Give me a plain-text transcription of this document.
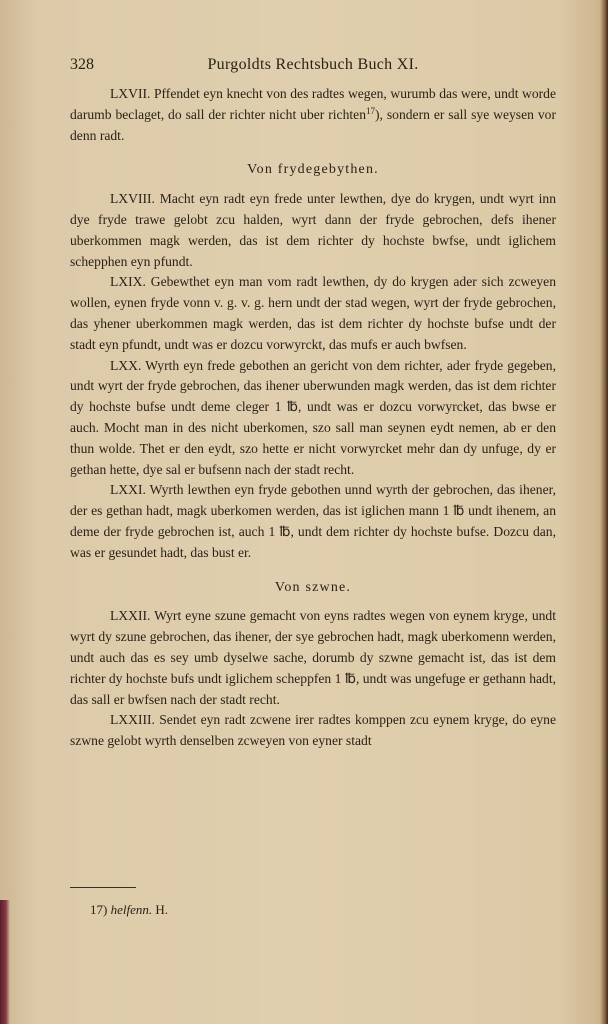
328	Purgoldts Rechtsbuch Buch XI.

LXVII. Pffendet eyn knecht von des radtes wegen, wurumb das were, undt worde darumb beclaget, do sall der richter nicht uber richten$^{17}$), sondern er sall sye weysen vor denn radt.

Von frydegebythen.

LXVIII. Macht eyn radt eyn frede unter lewthen, dye do krygen, undt wyrt inn dye fryde trawe gelobt zcu halden, wyrt dann der fryde gebrochen, defs ihener uberkommen magk werden, das ist dem richter dy hochste bwfse, undt iglichem schepphen eyn pfundt.

LXIX. Gebewthet eyn man vom radt lewthen, dy do krygen ader sich zcweyen wollen, eynen fryde vonn v. g. v. g. hern undt der stad wegen, wyrt der fryde gebrochen, das yhener uberkommen magk werden, das ist dem richter dy hochste bufse undt der stadt eyn pfundt, undt was er dozcu vorwyrckt, das mufs er auch bwfsen.

LXX. Wyrth eyn frede gebothen an gericht von dem richter, ader fryde gegeben, undt wyrt der fryde gebrochen, das ihener uberwunden magk werden, das ist dem richter dy hochste bufse undt deme cleger 1 ℔, undt was er dozcu vorwyrcket, das bwse er auch. Mocht man in des nicht uberkomen, szo sall man seynen eydt nemen, ab er den thun wolde. Thet er den eydt, szo hette er nicht vorwyrcket mehr dan dy unfuge, dy er gethan hette, dye sal er bufsenn nach der stadt recht.

LXXI. Wyrth lewthen eyn fryde gebothen unnd wyrth der gebrochen, das ihener, der es gethan hadt, magk uberkomen werden, das ist iglichen mann 1 ℔ undt ihenem, an deme der fryde gebrochen ist, auch 1 ℔, undt dem richter dy hochste bufse. Dozcu dan, was er gesundet hadt, das bust er.

Von szwne.

LXXII. Wyrt eyne szune gemacht von eyns radtes wegen von eynem kryge, undt wyrt dy szune gebrochen, das ihener, der sye gebrochen hadt, magk uberkomenn werden, undt auch das es sey umb dyselwe sache, dorumb dy szwne gemacht ist, das ist dem richter dy hochste bufs undt iglichem scheppfen 1 ℔, undt was ungefuge er gethann hadt, das sall er bwfsen nach der stadt recht.

LXXIII. Sendet eyn radt zcwene irer radtes komppen zcu eynem kryge, do eyne szwne gelobt wyrth denselben zcweyen von eyner stadt

17) helfenn. H.
